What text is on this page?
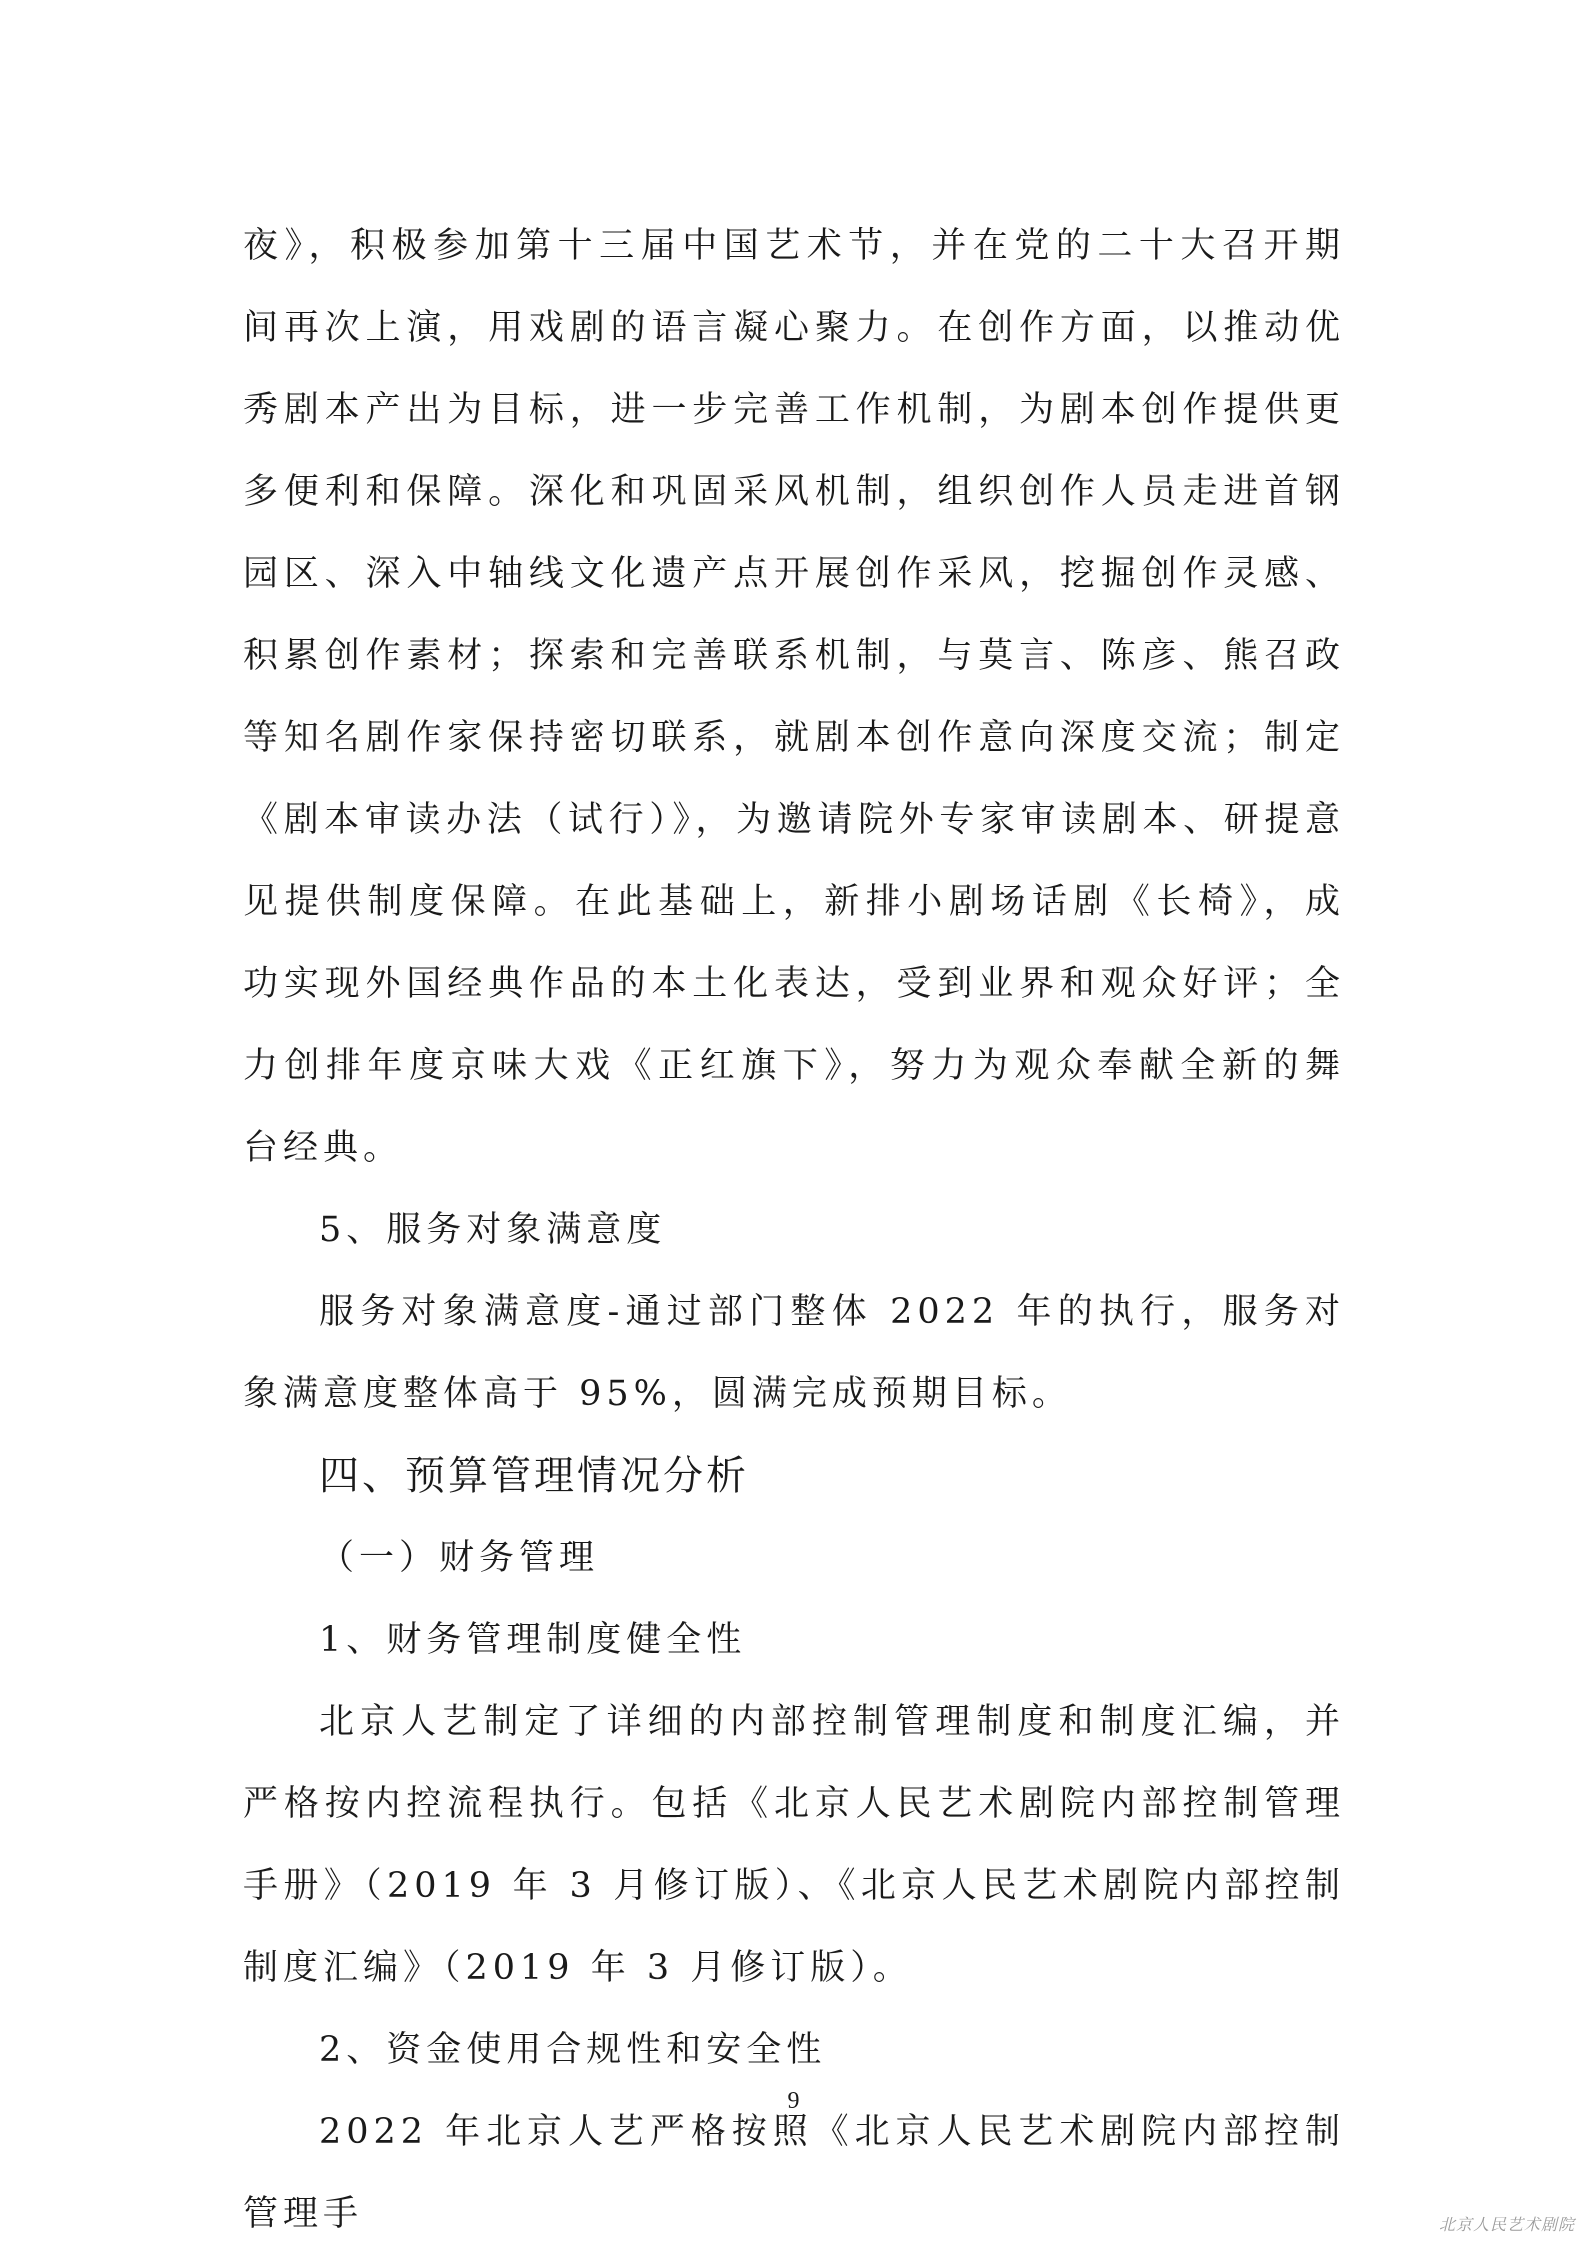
夜》，积极参加第十三届中国艺术节，并在党的二十大召开期间再次上演，用戏剧的语言凝心聚力。在创作方面，以推动优秀剧本产出为目标，进一步完善工作机制，为剧本创作提供更多便利和保障。深化和巩固采风机制，组织创作人员走进首钢园区、深入中轴线文化遗产点开展创作采风，挖掘创作灵感、积累创作素材；探索和完善联系机制，与莫言、陈彦、熊召政等知名剧作家保持密切联系，就剧本创作意向深度交流；制定《剧本审读办法（试行）》，为邀请院外专家审读剧本、研提意见提供制度保障。在此基础上，新排小剧场话剧《长椅》，成功实现外国经典作品的本土化表达，受到业界和观众好评；全力创排年度京味大戏《正红旗下》，努力为观众奉献全新的舞台经典。

5、服务对象满意度

服务对象满意度-通过部门整体 2022 年的执行，服务对象满意度整体高于 95%，圆满完成预期目标。

四、预算管理情况分析

（一）财务管理

1、财务管理制度健全性

北京人艺制定了详细的内部控制管理制度和制度汇编，并严格按内控流程执行。包括《北京人民艺术剧院内部控制管理手册》（2019 年 3 月修订版）、《北京人民艺术剧院内部控制制度汇编》（2019 年 3 月修订版）。

2、资金使用合规性和安全性

2022 年北京人艺严格按照《北京人民艺术剧院内部控制管理手

9
北京人民艺术剧院
